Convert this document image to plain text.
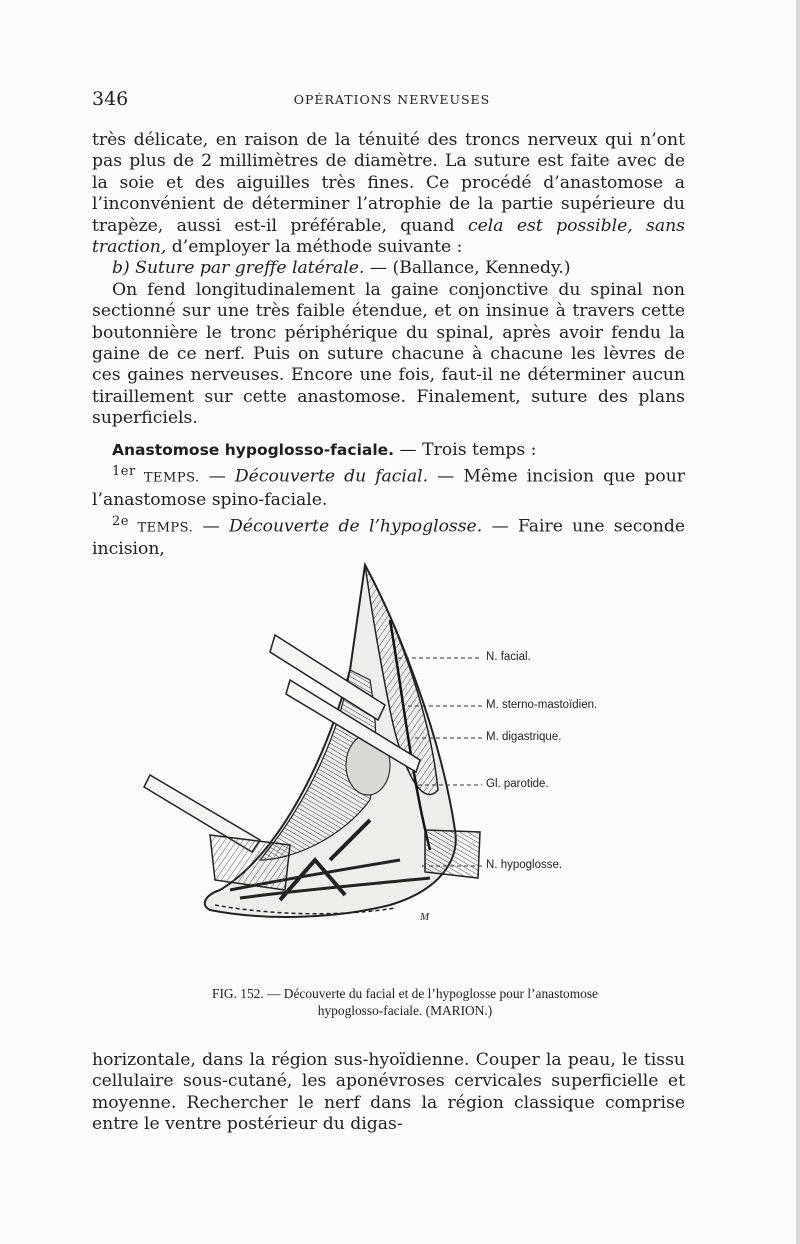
346	OPÉRATIONS NERVEUSES

très délicate, en raison de la ténuité des troncs nerveux qui n’ont pas plus de 2 millimètres de diamètre. La suture est faite avec de la soie et des aiguilles très fines. Ce procédé d’anastomose a l’inconvénient de déterminer l’atrophie de la partie supérieure du trapèze, aussi est-il préférable, quand cela est possible, sans traction, d’employer la méthode suivante :

b) Suture par greffe latérale. — (Ballance, Kennedy.)

On fend longitudinalement la gaine conjonctive du spinal non sectionné sur une très faible étendue, et on insinue à travers cette boutonnière le tronc périphérique du spinal, après avoir fendu la gaine de ce nerf. Puis on suture chacune à chacune les lèvres de ces gaines nerveuses. Encore une fois, faut-il ne déterminer aucun tiraillement sur cette anastomose. Finalement, suture des plans superficiels.

Anastomose hypoglosso-faciale. — Trois temps :

$^{1er}$ TEMPS. — Découverte du facial. — Même incision que pour l’anastomose spino-faciale.

$^{2e}$ TEMPS. — Découverte de l’hypoglosse. — Faire une seconde incision,

M
N. facial.
M. sterno-mastoïdien.
M. digastrique.
Gl. parotide.
N. hypoglosse.
FIG. 152. — Découverte du facial et de l’hypoglosse pour l’anastomose
hypoglosso-faciale. (MARION.)

horizontale, dans la région sus-hyoïdienne. Couper la peau, le tissu cellulaire sous-cutané, les aponévroses cervicales superficielle et moyenne. Rechercher le nerf dans la région classique comprise entre le ventre postérieur du digas-
